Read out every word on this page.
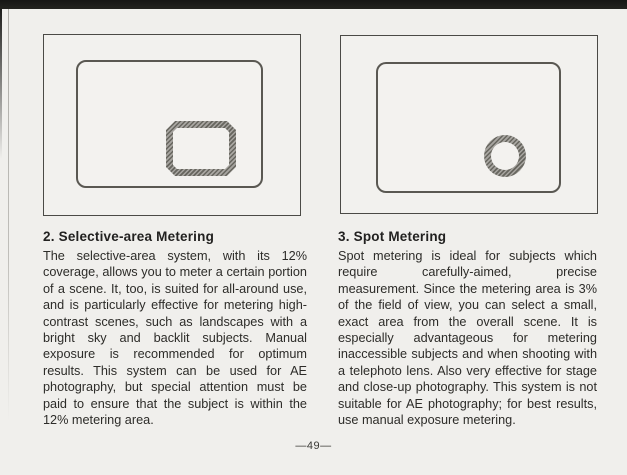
2. Selective-area Metering

The selective-area system, with its 12% coverage, allows you to meter a certain portion of a scene. It, too, is suited for all-around use, and is particularly effective for metering high-contrast scenes, such as landscapes with a bright sky and backlit subjects. Manual exposure is recommended for optimum results. This system can be used for AE photography, but special attention must be paid to ensure that the subject is within the 12% metering area.

3. Spot Metering

Spot metering is ideal for subjects which require carefully-aimed, precise measurement. Since the metering area is 3% of the field of view, you can select a small, exact area from the overall scene. It is especially advantageous for metering inaccessible subjects and when shooting with a telephoto lens. Also very effective for stage and close-up photography. This system is not suitable for AE photography; for best results, use manual exposure metering.

—49—
